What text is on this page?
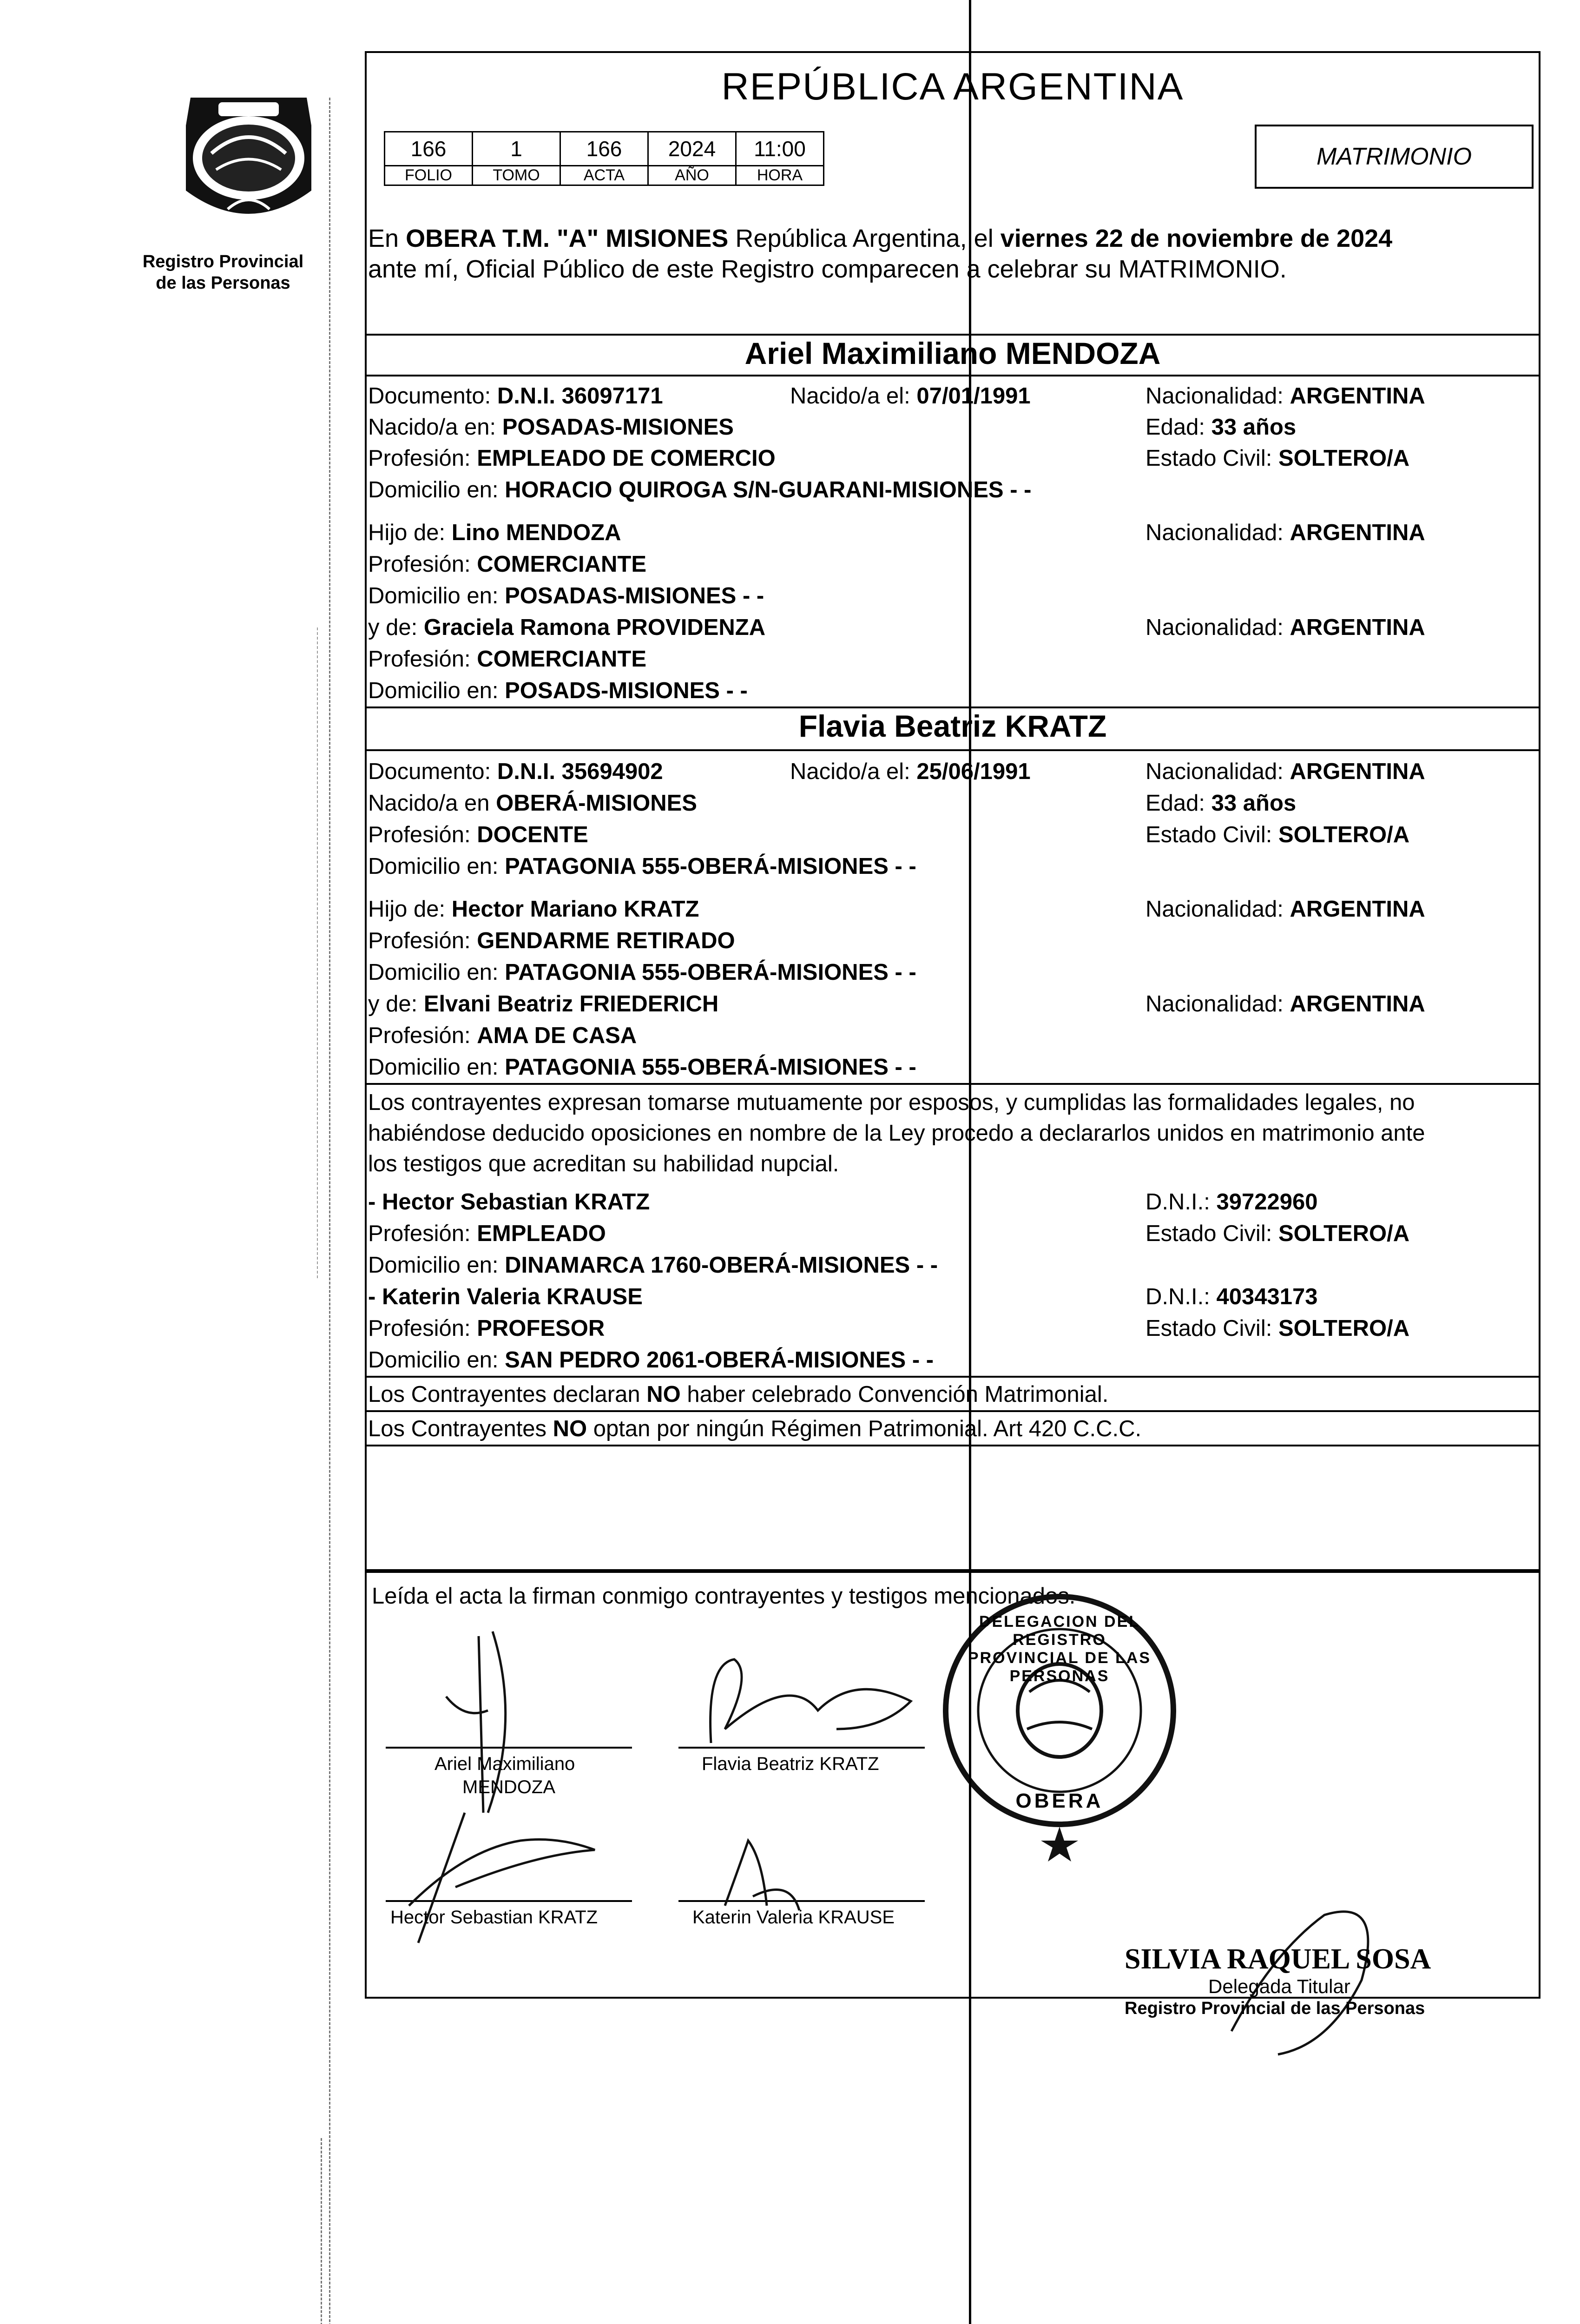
Registro Provincial
de las Personas
REPÚBLICA ARGENTINA
166	1	166	2024	11:00
FOLIO	TOMO	ACTA	AÑO	HORA
MATRIMONIO
En OBERA T.M. "A" MISIONES República Argentina, el viernes 22 de noviembre de 2024
ante mí, Oficial Público de este Registro comparecen a celebrar su MATRIMONIO.
Ariel Maximiliano MENDOZA
Documento: D.N.I. 36097171	Nacido/a el: 07/01/1991	Nacionalidad: ARGENTINA
Nacido/a en: POSADAS-MISIONES	Edad: 33 años
Profesión: EMPLEADO DE COMERCIO	Estado Civil: SOLTERO/A
Domicilio en: HORACIO QUIROGA S/N-GUARANI-MISIONES - -
Hijo de: Lino MENDOZA	Nacionalidad: ARGENTINA
Profesión: COMERCIANTE
Domicilio en: POSADAS-MISIONES - -
y de: Graciela Ramona PROVIDENZA	Nacionalidad: ARGENTINA
Profesión: COMERCIANTE
Domicilio en: POSADS-MISIONES - -
Flavia Beatriz KRATZ
Documento: D.N.I. 35694902	Nacido/a el: 25/06/1991	Nacionalidad: ARGENTINA
Nacido/a en OBERÁ-MISIONES	Edad: 33 años
Profesión: DOCENTE	Estado Civil: SOLTERO/A
Domicilio en: PATAGONIA 555-OBERÁ-MISIONES - -
Hijo de: Hector Mariano KRATZ	Nacionalidad: ARGENTINA
Profesión: GENDARME RETIRADO
Domicilio en: PATAGONIA 555-OBERÁ-MISIONES - -
y de: Elvani Beatriz FRIEDERICH	Nacionalidad: ARGENTINA
Profesión: AMA DE CASA
Domicilio en: PATAGONIA 555-OBERÁ-MISIONES - -
Los contrayentes expresan tomarse mutuamente por esposos, y cumplidas las formalidades legales, no
habiéndose deducido oposiciones en nombre de la Ley procedo a declararlos unidos en matrimonio ante
los testigos que acreditan su habilidad nupcial.
- Hector Sebastian KRATZ	D.N.I.: 39722960
Profesión: EMPLEADO	Estado Civil: SOLTERO/A
Domicilio en: DINAMARCA 1760-OBERÁ-MISIONES - -
- Katerin Valeria KRAUSE	D.N.I.: 40343173
Profesión: PROFESOR	Estado Civil: SOLTERO/A
Domicilio en: SAN PEDRO 2061-OBERÁ-MISIONES - -
Los Contrayentes declaran NO haber celebrado Convención Matrimonial.
Los Contrayentes NO optan por ningún Régimen Patrimonial. Art 420 C.C.C.
Leída el acta la firman conmigo contrayentes y testigos mencionados.
Ariel Maximiliano
MENDOZA
Flavia Beatriz KRATZ
Hector Sebastian KRATZ	Katerin Valeria KRAUSE
DELEGACION DEL REGISTRO PROVINCIAL DE LAS PERSONAS
OBERA
SILVIA RAQUEL SOSA
Delegada Titular
Registro Provincial de las Personas
